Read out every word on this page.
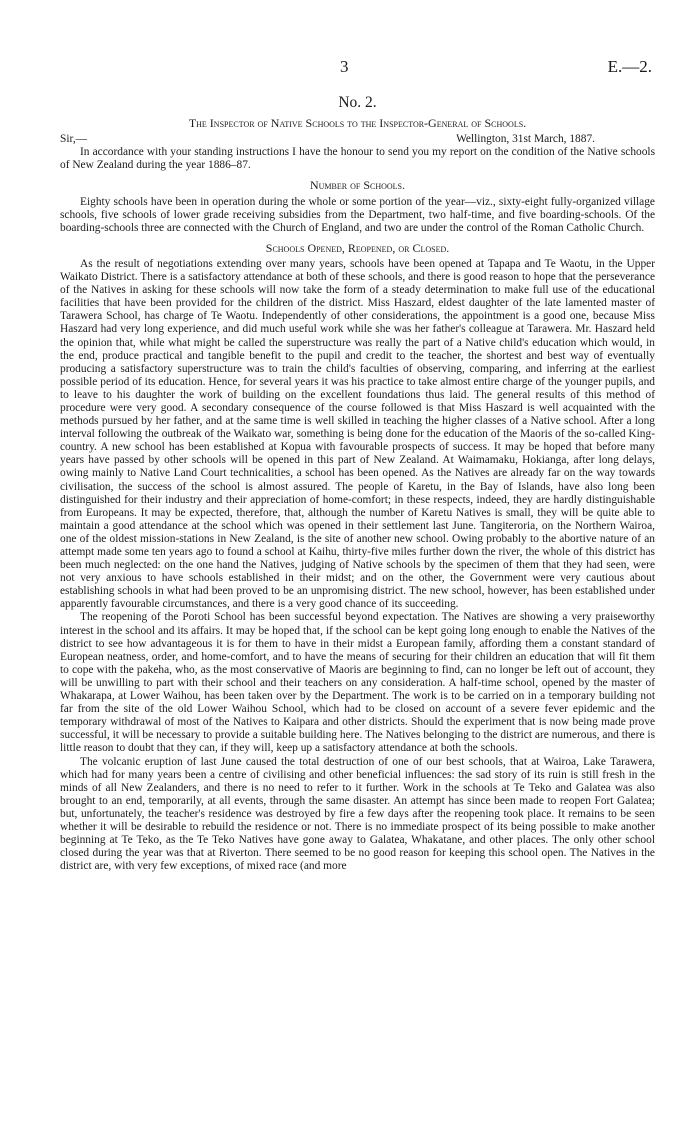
3	E.—2.
No. 2.
The Inspector of Native Schools to the Inspector-General of Schools.
Sir,—	Wellington, 31st March, 1887.

In accordance with your standing instructions I have the honour to send you my report on the condition of the Native schools of New Zealand during the year 1886–87.

Number of Schools.

Eighty schools have been in operation during the whole or some portion of the year—viz., sixty-eight fully-organized village schools, five schools of lower grade receiving subsidies from the Department, two half-time, and five boarding-schools. Of the boarding-schools three are connected with the Church of England, and two are under the control of the Roman Catholic Church.

Schools Opened, Reopened, or Closed.

As the result of negotiations extending over many years, schools have been opened at Tapapa and Te Waotu, in the Upper Waikato District. There is a satisfactory attendance at both of these schools, and there is good reason to hope that the perseverance of the Natives in asking for these schools will now take the form of a steady determination to make full use of the educational facilities that have been provided for the children of the district. Miss Haszard, eldest daughter of the late lamented master of Tarawera School, has charge of Te Waotu. Independently of other considerations, the appointment is a good one, because Miss Haszard had very long experience, and did much useful work while she was her father's colleague at Tarawera. Mr. Haszard held the opinion that, while what might be called the superstructure was really the part of a Native child's education which would, in the end, produce practical and tangible benefit to the pupil and credit to the teacher, the shortest and best way of eventually producing a satisfactory superstructure was to train the child's faculties of observing, comparing, and inferring at the earliest possible period of its education. Hence, for several years it was his practice to take almost entire charge of the younger pupils, and to leave to his daughter the work of building on the excellent foundations thus laid. The general results of this method of procedure were very good. A secondary consequence of the course followed is that Miss Haszard is well acquainted with the methods pursued by her father, and at the same time is well skilled in teaching the higher classes of a Native school. After a long interval following the outbreak of the Waikato war, something is being done for the education of the Maoris of the so-called King-country. A new school has been established at Kopua with favourable prospects of success. It may be hoped that before many years have passed by other schools will be opened in this part of New Zealand. At Waimamaku, Hokianga, after long delays, owing mainly to Native Land Court technicalities, a school has been opened. As the Natives are already far on the way towards civilisation, the success of the school is almost assured. The people of Karetu, in the Bay of Islands, have also long been distinguished for their industry and their appreciation of home-comfort; in these respects, indeed, they are hardly distinguishable from Europeans. It may be expected, therefore, that, although the number of Karetu Natives is small, they will be quite able to maintain a good attendance at the school which was opened in their settlement last June. Tangiteroria, on the Northern Wairoa, one of the oldest mission-stations in New Zealand, is the site of another new school. Owing probably to the abortive nature of an attempt made some ten years ago to found a school at Kaihu, thirty-five miles further down the river, the whole of this district has been much neglected: on the one hand the Natives, judging of Native schools by the specimen of them that they had seen, were not very anxious to have schools established in their midst; and on the other, the Government were very cautious about establishing schools in what had been proved to be an unpromising district. The new school, however, has been established under apparently favourable circumstances, and there is a very good chance of its succeeding.

The reopening of the Poroti School has been successful beyond expectation. The Natives are showing a very praiseworthy interest in the school and its affairs. It may be hoped that, if the school can be kept going long enough to enable the Natives of the district to see how advantageous it is for them to have in their midst a European family, affording them a constant standard of European neatness, order, and home-comfort, and to have the means of securing for their children an education that will fit them to cope with the pakeha, who, as the most conservative of Maoris are beginning to find, can no longer be left out of account, they will be unwilling to part with their school and their teachers on any consideration. A half-time school, opened by the master of Whakarapa, at Lower Waihou, has been taken over by the Department. The work is to be carried on in a temporary building not far from the site of the old Lower Waihou School, which had to be closed on account of a severe fever epidemic and the temporary withdrawal of most of the Natives to Kaipara and other districts. Should the experiment that is now being made prove successful, it will be necessary to provide a suitable building here. The Natives belonging to the district are numerous, and there is little reason to doubt that they can, if they will, keep up a satisfactory attendance at both the schools.

The volcanic eruption of last June caused the total destruction of one of our best schools, that at Wairoa, Lake Tarawera, which had for many years been a centre of civilising and other beneficial influences: the sad story of its ruin is still fresh in the minds of all New Zealanders, and there is no need to refer to it further. Work in the schools at Te Teko and Galatea was also brought to an end, temporarily, at all events, through the same disaster. An attempt has since been made to reopen Fort Galatea; but, unfortunately, the teacher's residence was destroyed by fire a few days after the reopening took place. It remains to be seen whether it will be desirable to rebuild the residence or not. There is no immediate prospect of its being possible to make another beginning at Te Teko, as the Te Teko Natives have gone away to Galatea, Whakatane, and other places. The only other school closed during the year was that at Riverton. There seemed to be no good reason for keeping this school open. The Natives in the district are, with very few exceptions, of mixed race (and more
